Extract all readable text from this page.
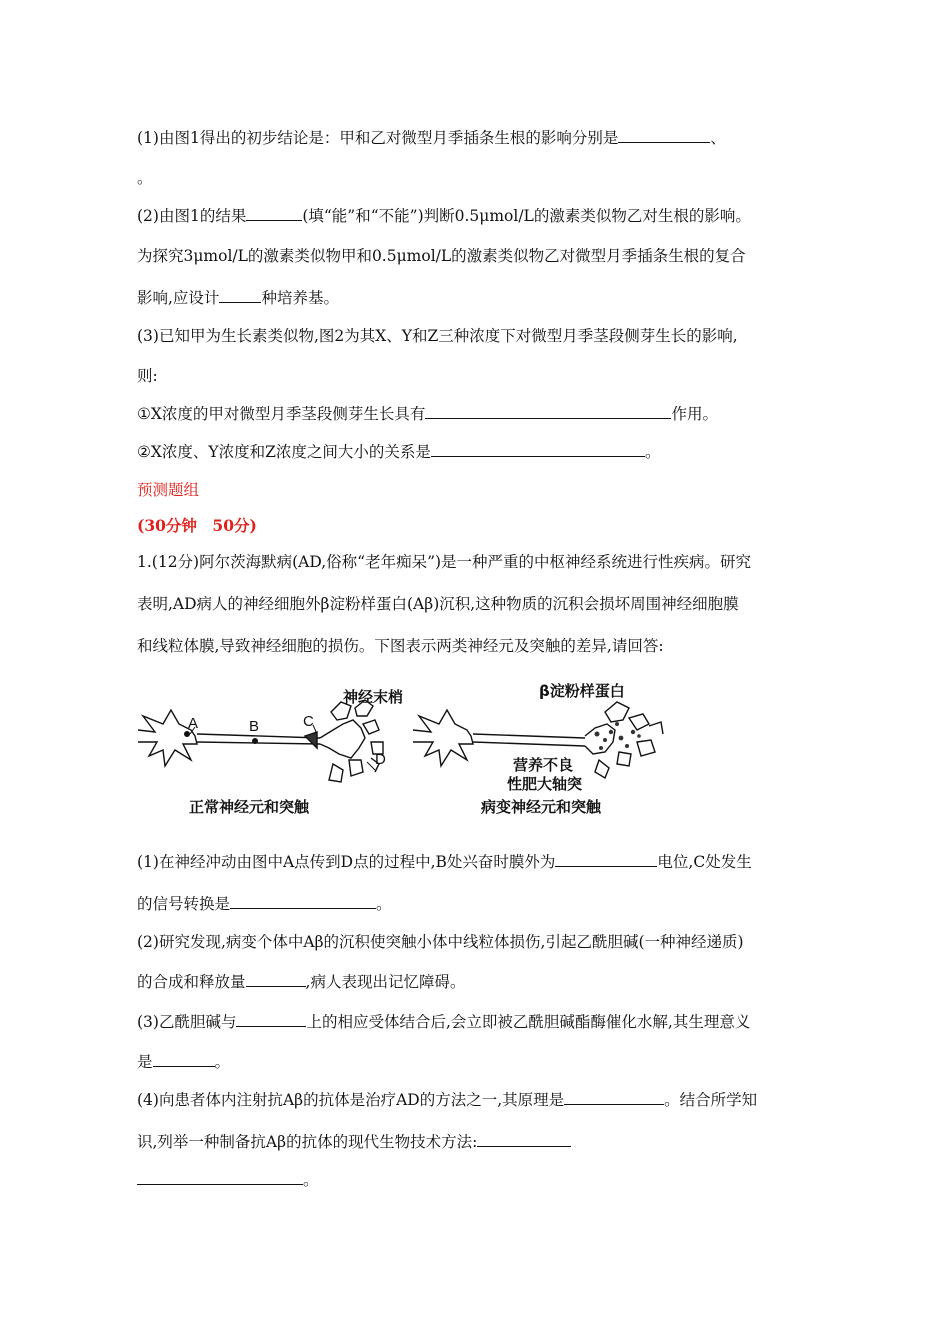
(1)由图1得出的初步结论是：甲和乙对微型月季插条生根的影响分别是	、
。
(2)由图1的结果	(填“能”和“不能”)判断0.5μmol/L的激素类似物乙对生根的影响。
为探究3μmol/L的激素类似物甲和0.5μmol/L的激素类似物乙对微型月季插条生根的复合
影响,应设计	种培养基。
(3)已知甲为生长素类似物,图2为其X、Y和Z三种浓度下对微型月季茎段侧芽生长的影响,
则:
①X浓度的甲对微型月季茎段侧芽生长具有	作用。
②X浓度、Y浓度和Z浓度之间大小的关系是	。
预测题组
(30分钟　50分)
1.(12分)阿尔茨海默病(AD,俗称“老年痴呆”)是一种严重的中枢神经系统进行性疾病。研究
表明,AD病人的神经细胞外β淀粉样蛋白(Aβ)沉积,这种物质的沉积会损坏周围神经细胞膜
和线粒体膜,导致神经细胞的损伤。下图表示两类神经元及突触的差异,请回答:
A	B	C
D
神经末梢
正常神经元和突触
β淀粉样蛋白
营养不良
性肥大轴突
病变神经元和突触
(1)在神经冲动由图中A点传到D点的过程中,B处兴奋时膜外为	电位,C处发生
的信号转换是	。
(2)研究发现,病变个体中Aβ的沉积使突触小体中线粒体损伤,引起乙酰胆碱(一种神经递质)
的合成和释放量	,病人表现出记忆障碍。
(3)乙酰胆碱与	上的相应受体结合后,会立即被乙酰胆碱酯酶催化水解,其生理意义
是	。
(4)向患者体内注射抗Aβ的抗体是治疗AD的方法之一,其原理是	。结合所学知
识,列举一种制备抗Aβ的抗体的现代生物技术方法:
。
